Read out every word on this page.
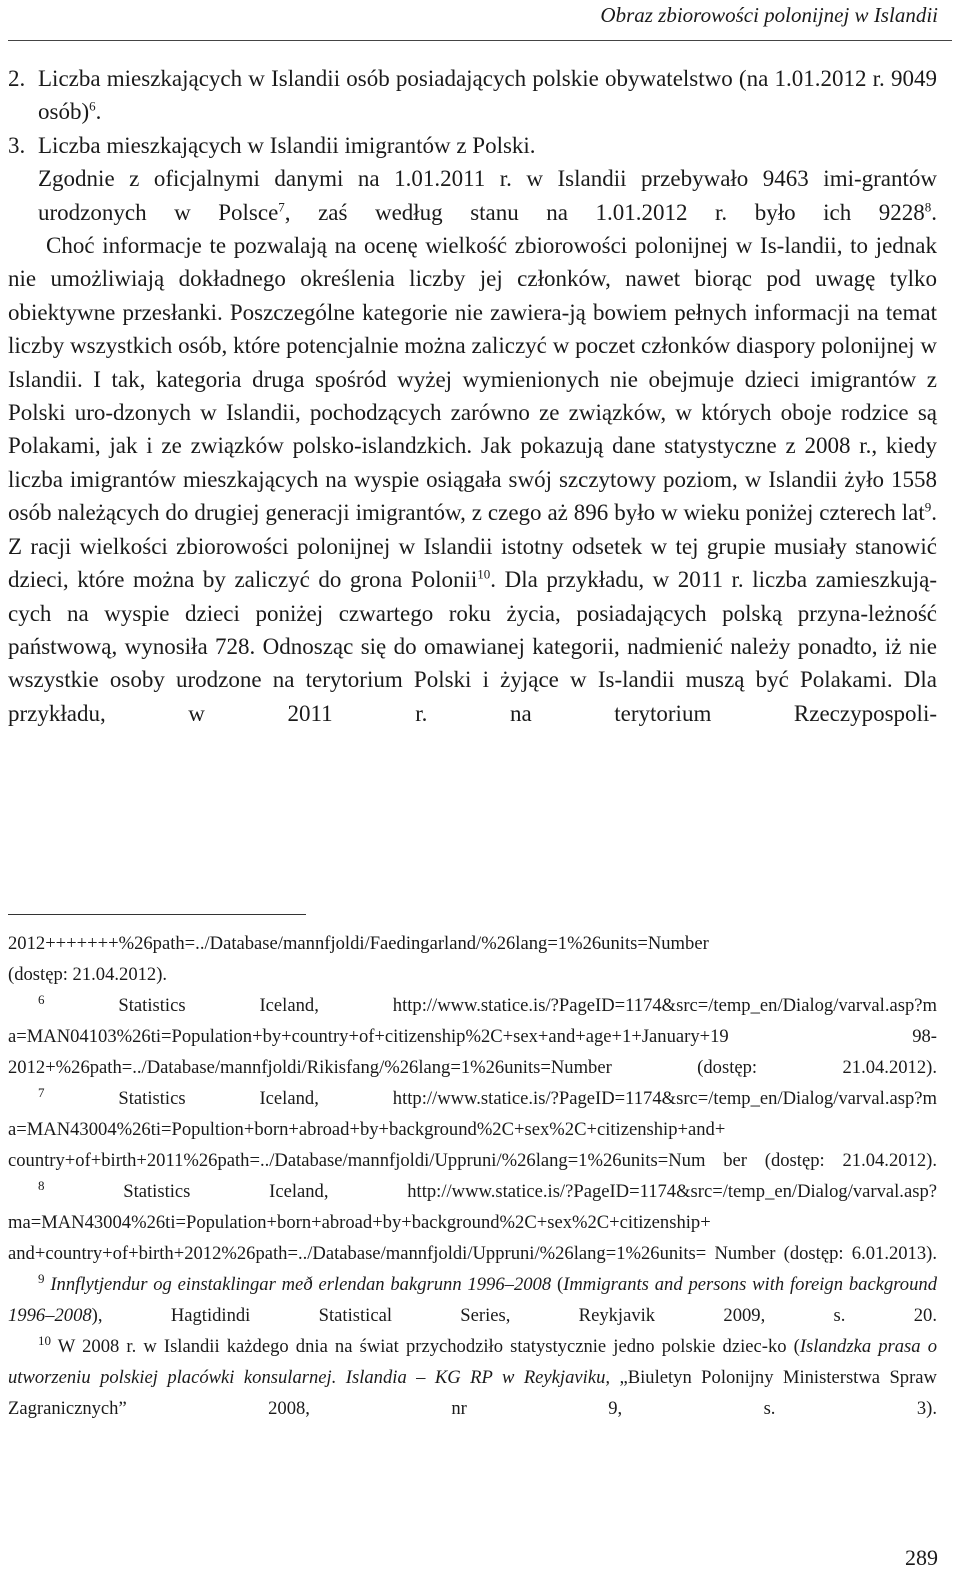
Obraz zbiorowości polonijnej w Islandii

2. Liczba mieszkających w Islandii osób posiadających polskie obywatelstwo (na 1.01.2012 r. 9049 osób)$^6$.

3. Liczba mieszkających w Islandii imigrantów z Polski.

Zgodnie z oficjalnymi danymi na 1.01.2011 r. w Islandii przebywało 9463 imi-grantów urodzonych w Polsce$^7$, zaś według stanu na 1.01.2012 r. było ich 9228$^8$.

Choć informacje te pozwalają na ocenę wielkość zbiorowości polonijnej w Is-landii, to jednak nie umożliwiają dokładnego określenia liczby jej członków, nawet biorąc pod uwagę tylko obiektywne przesłanki. Poszczególne kategorie nie zawiera-ją bowiem pełnych informacji na temat liczby wszystkich osób, które potencjalnie można zaliczyć w poczet członków diaspory polonijnej w Islandii. I tak, kategoria druga spośród wyżej wymienionych nie obejmuje dzieci imigrantów z Polski uro-dzonych w Islandii, pochodzących zarówno ze związków, w których oboje rodzice są Polakami, jak i ze związków polsko-islandzkich. Jak pokazują dane statystyczne z 2008 r., kiedy liczba imigrantów mieszkających na wyspie osiągała swój szczytowy poziom, w Islandii żyło 1558 osób należących do drugiej generacji imigrantów, z czego aż 896 było w wieku poniżej czterech lat$^9$. Z racji wielkości zbiorowości polonijnej w Islandii istotny odsetek w tej grupie musiały stanowić dzieci, które można by zaliczyć do grona Polonii$^{10}$. Dla przykładu, w 2011 r. liczba zamieszkują-cych na wyspie dzieci poniżej czwartego roku życia, posiadających polską przyna-leżność państwową, wynosiła 728. Odnosząc się do omawianej kategorii, nadmienić należy ponadto, iż nie wszystkie osoby urodzone na terytorium Polski i żyjące w Is-landii muszą być Polakami. Dla przykładu, w 2011 r. na terytorium Rzeczypospoli-

2012+++++++%26path=../Database/mannfjoldi/Faedingarland/%26lang=1%26units=Number

(dostęp: 21.04.2012).

$^6$	Statistics Iceland, http://www.statice.is/?PageID=1174&src=/temp_en/Dialog/varval.asp?m a=MAN04103%26ti=Population+by+country+of+citizenship%2C+sex+and+age+1+January+19 98-2012+%26path=../Database/mannfjoldi/Rikisfang/%26lang=1%26units=Number (dostęp: 21.04.2012).

$^7$	Statistics Iceland, http://www.statice.is/?PageID=1174&src=/temp_en/Dialog/varval.asp?m a=MAN43004%26ti=Popultion+born+abroad+by+background%2C+sex%2C+citizenship+and+ country+of+birth+2011%26path=../Database/mannfjoldi/Uppruni/%26lang=1%26units=Num ber (dostęp: 21.04.2012).

$^8$	Statistics Iceland, http://www.statice.is/?PageID=1174&src=/temp_en/Dialog/varval.asp? ma=MAN43004%26ti=Population+born+abroad+by+background%2C+sex%2C+citizenship+ and+country+of+birth+2012%26path=../Database/mannfjoldi/Uppruni/%26lang=1%26units= Number (dostęp: 6.01.2013).

$^9$ Innflytjendur og einstaklingar með erlendan bakgrunn 1996–2008 (Immigrants and persons with foreign background 1996–2008), Hagtidindi Statistical Series, Reykjavik 2009, s. 20.

$^{10}$ W 2008 r. w Islandii każdego dnia na świat przychodziło statystycznie jedno polskie dziec-ko (Islandzka prasa o utworzeniu polskiej placówki konsularnej. Islandia – KG RP w Reykjaviku, „Biuletyn Polonijny Ministerstwa Spraw Zagranicznych” 2008, nr 9, s. 3).

289
